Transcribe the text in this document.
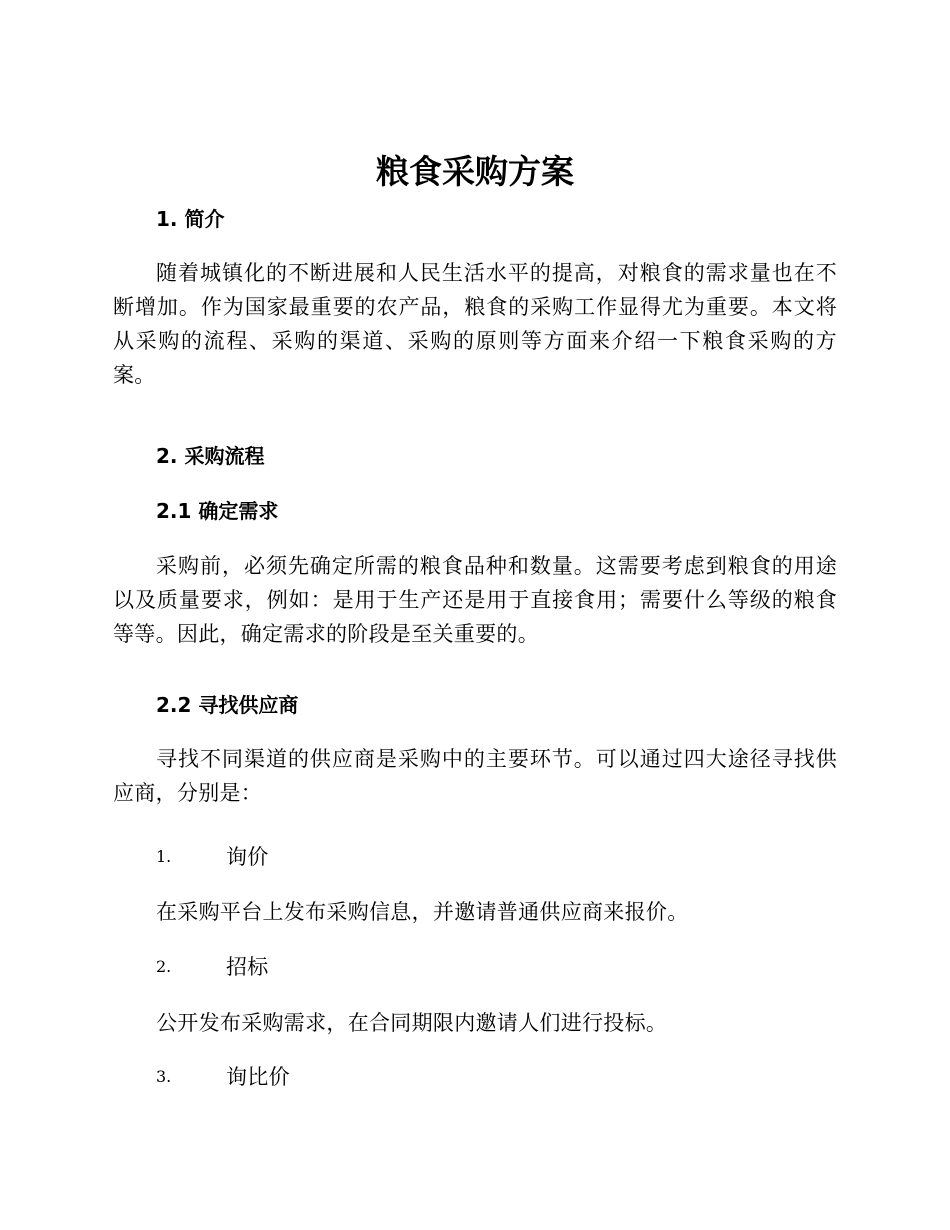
粮食采购方案
1. 简介

随着城镇化的不断进展和人民生活水平的提高，对粮食的需求量也在不断增加。作为国家最重要的农产品，粮食的采购工作显得尤为重要。本文将从采购的流程、采购的渠道、采购的原则等方面来介绍一下粮食采购的方案。

2. 采购流程
2.1 确定需求

采购前，必须先确定所需的粮食品种和数量。这需要考虑到粮食的用途以及质量要求，例如：是用于生产还是用于直接食用；需要什么等级的粮食等等。因此，确定需求的阶段是至关重要的。

2.2 寻找供应商

寻找不同渠道的供应商是采购中的主要环节。可以通过四大途径寻找供应商，分别是：

1.	询价

在采购平台上发布采购信息，并邀请普通供应商来报价。

2.	招标

公开发布采购需求，在合同期限内邀请人们进行投标。

3.	询比价
